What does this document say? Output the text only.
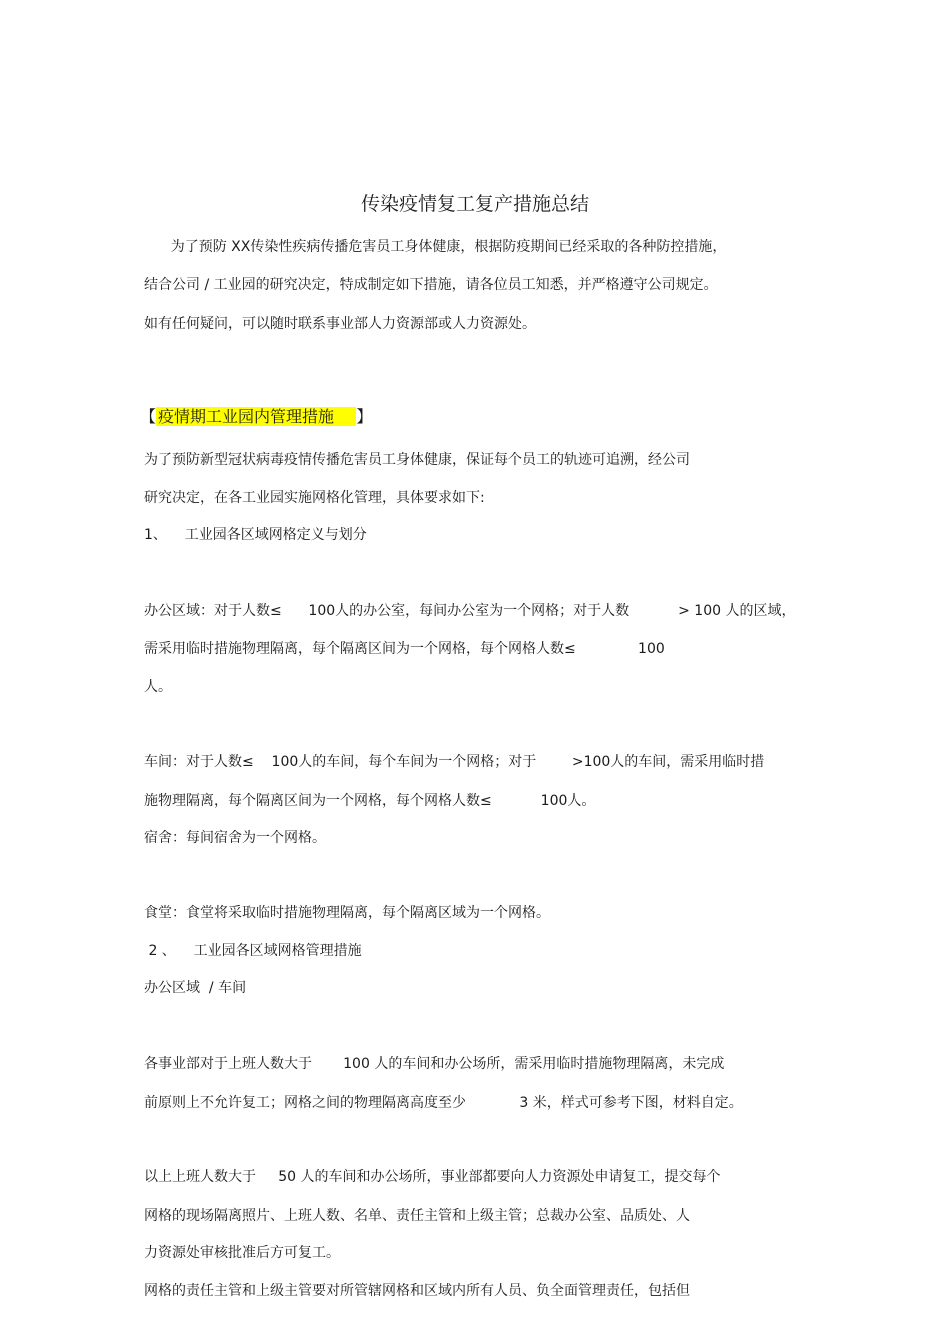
传染疫情复工复产措施总结

为了预防 XX传染性疾病传播危害员工身体健康，根据防疫期间已经采取的各种防控措施，

结合公司 / 工业园的研究决定，特成制定如下措施，请各位员工知悉，并严格遵守公司规定。

如有任何疑问，可以随时联系事业部人力资源部或人力资源处。

【 疫情期工业园内管理措施    】

为了预防新型冠状病毒疫情传播危害员工身体健康，保证每个员工的轨迹可追溯，经公司

研究决定，在各工业园实施网格化管理，具体要求如下:

1、    工业园各区域网格定义与划分

办公区域：对于人数≤      100人的办公室，每间办公室为一个网格；对于人数           > 100 人的区域，

需采用临时措施物理隔离，每个隔离区间为一个网格，每个网格人数≤              100

人。

车间：对于人数≤    100人的车间，每个车间为一个网格；对于        >100人的车间，需采用临时措

施物理隔离，每个隔离区间为一个网格，每个网格人数≤           100人。

宿舍：每间宿舍为一个网格。

食堂：食堂将采取临时措施物理隔离，每个隔离区域为一个网格。

2 、    工业园各区域网格管理措施

办公区域  / 车间

各事业部对于上班人数大于       100 人的车间和办公场所，需采用临时措施物理隔离，未完成

前原则上不允许复工；网格之间的物理隔离高度至少            3 米，样式可参考下图，材料自定。

以上上班人数大于     50 人的车间和办公场所，事业部都要向人力资源处申请复工，提交每个

网格的现场隔离照片、上班人数、名单、责任主管和上级主管；总裁办公室、品质处、人

力资源处审核批准后方可复工。

网格的责任主管和上级主管要对所管辖网格和区域内所有人员、负全面管理责任，包括但
